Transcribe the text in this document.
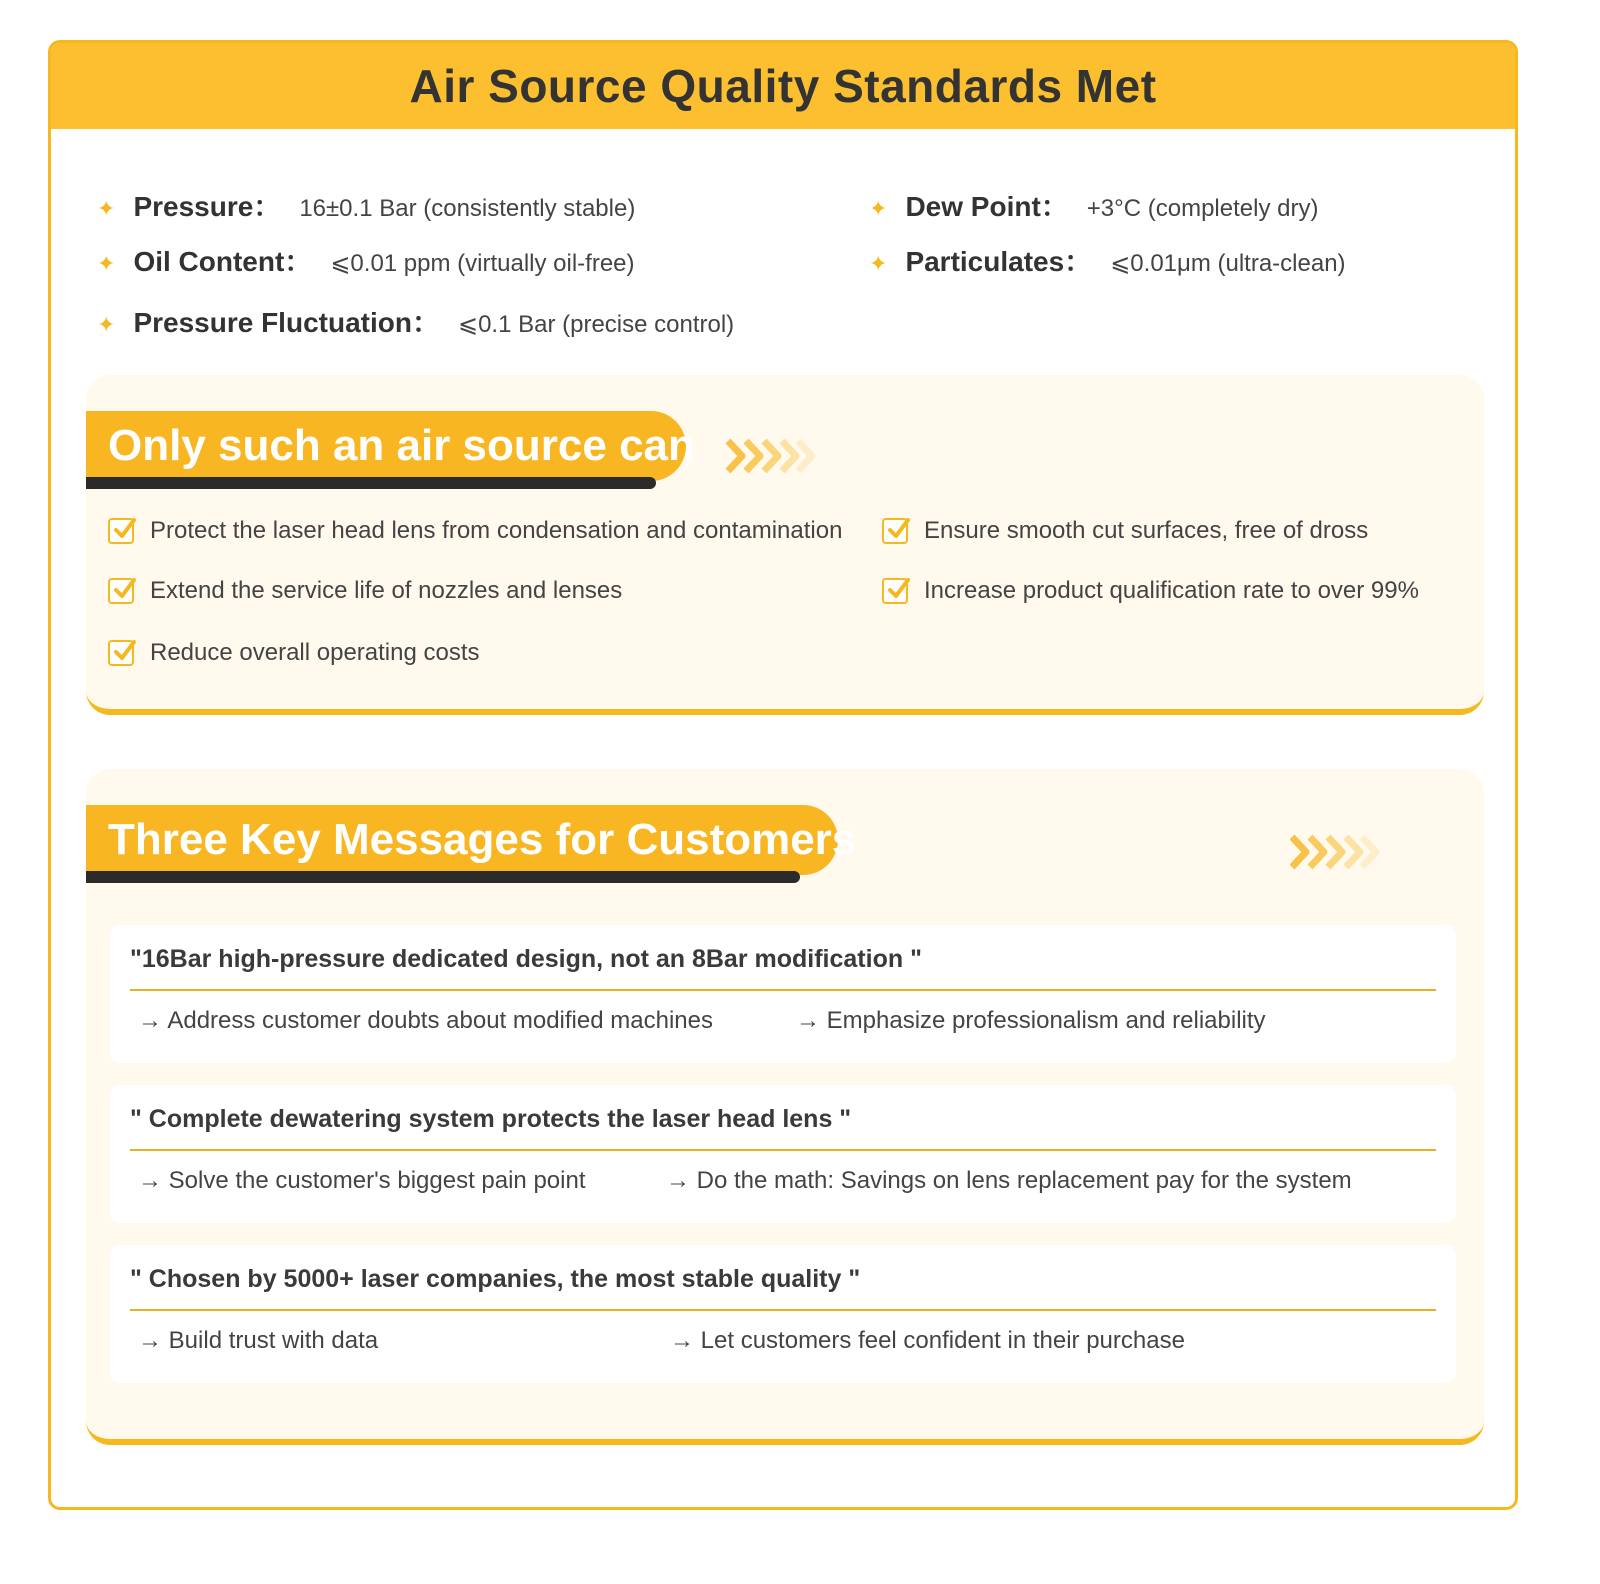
Air Source Quality Standards Met
✦ Pressure： 16±0.1 Bar (consistently stable)	✦ Dew Point： +3°C (completely dry)
✦ Oil Content： ⩽0.01 ppm (virtually oil-free)	✦ Particulates： ⩽0.01μm (ultra-clean)
✦ Pressure Fluctuation： ⩽0.1 Bar (precise control)
Only such an air source can
Protect the laser head lens from condensation and contamination	Ensure smooth cut surfaces, free of dross
Extend the service life of nozzles and lenses	Increase product qualification rate to over 99%
Reduce overall operating costs
Three Key Messages for Customers
"16Bar high-pressure dedicated design, not an 8Bar modification "
→ Address customer doubts about modified machines	→ Emphasize professionalism and reliability
" Complete dewatering system protects the laser head lens "
→ Solve the customer's biggest pain point	→ Do the math: Savings on lens replacement pay for the system
" Chosen by 5000+ laser companies, the most stable quality "
→ Build trust with data	→ Let customers feel confident in their purchase
